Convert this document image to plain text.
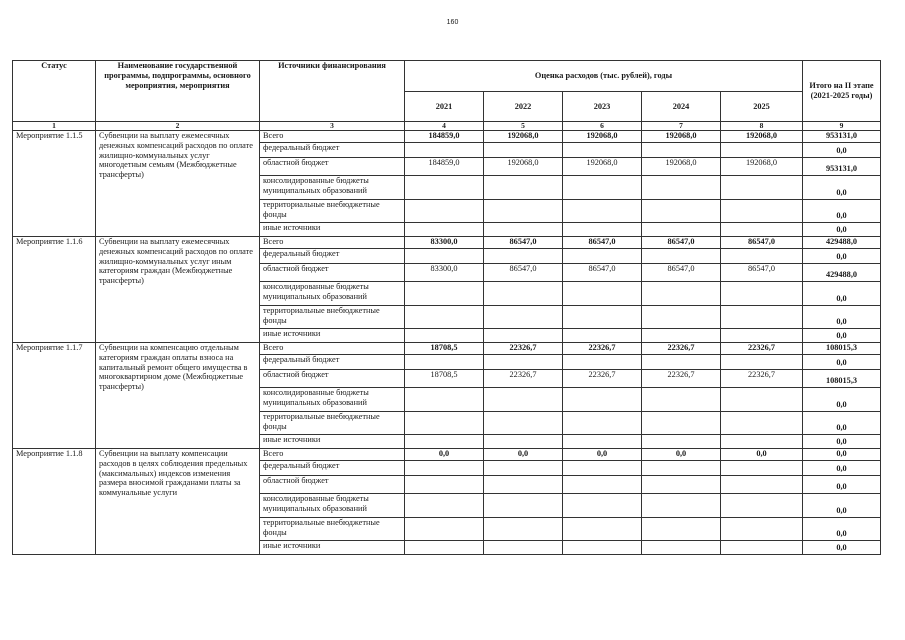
160
Статус	Наименование государственной программы, подпрограммы, основного мероприятия, мероприятия	Источники финансирования	Оценка расходов (тыс. рублей), годы					Итого на II этапе (2021-2025 годы)
			2021	2022	2023	2024	2025	
1	2	3	4	5	6	7	8	9
Мероприятие 1.1.5	Субвенции на выплату ежемесячных денежных компенсаций расходов по оплате жилищно-коммунальных услуг многодетным семьям (Межбюджетные трансферты)	Всего	184859,0	192068,0	192068,0	192068,0	192068,0	953131,0
		федеральный бюджет						0,0
		областной бюджет	184859,0	192068,0	192068,0	192068,0	192068,0	953131,0
		консолидированные бюджеты муниципальных образований						0,0
		территориальные внебюджетные фонды						0,0
		иные источники						0,0
Мероприятие 1.1.6	Субвенции на выплату ежемесячных денежных компенсаций расходов по оплате жилищно-коммунальных услуг иным категориям граждан (Межбюджетные трансферты)	Всего	83300,0	86547,0	86547,0	86547,0	86547,0	429488,0
		федеральный бюджет						0,0
		областной бюджет	83300,0	86547,0	86547,0	86547,0	86547,0	429488,0
		консолидированные бюджеты муниципальных образований						0,0
		территориальные внебюджетные фонды						0,0
		иные источники						0,0
Мероприятие 1.1.7	Субвенции на компенсацию отдельным категориям граждан оплаты взноса на капитальный ремонт общего имущества в многоквартирном доме (Межбюджетные трансферты)	Всего	18708,5	22326,7	22326,7	22326,7	22326,7	108015,3
		федеральный бюджет						0,0
		областной бюджет	18708,5	22326,7	22326,7	22326,7	22326,7	108015,3
		консолидированные бюджеты муниципальных образований						0,0
		территориальные внебюджетные фонды						0,0
		иные источники						0,0
Мероприятие 1.1.8	Субвенции на выплату компенсации расходов в целях соблюдения предельных (максимальных) индексов изменения размера вносимой гражданами платы за коммунальные услуги	Всего	0,0	0,0	0,0	0,0	0,0	0,0
		федеральный бюджет						0,0
		областной бюджет						0,0
		консолидированные бюджеты муниципальных образований						0,0
		территориальные внебюджетные фонды						0,0
		иные источники						0,0
